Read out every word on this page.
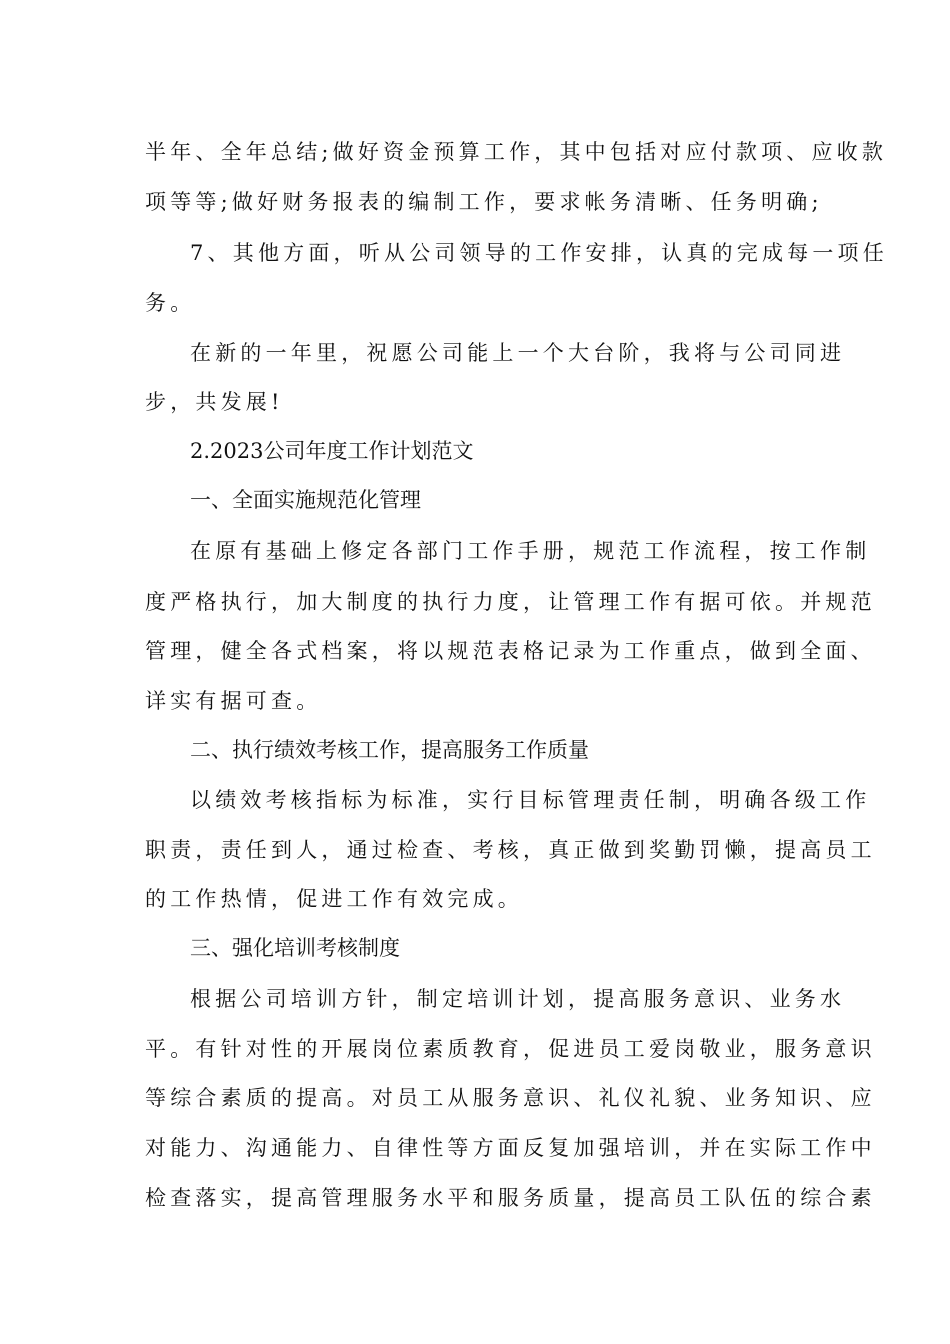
半年、全年总结;做好资金预算工作，其中包括对应付款项、应收款

项等等;做好财务报表的编制工作，要求帐务清晰、任务明确;

7、其他方面，听从公司领导的工作安排，认真的完成每一项任

务。

在新的一年里，祝愿公司能上一个大台阶，我将与公司同进

步，共发展!

2.2023公司年度工作计划范文

一、全面实施规范化管理

在原有基础上修定各部门工作手册，规范工作流程，按工作制

度严格执行，加大制度的执行力度，让管理工作有据可依。并规范

管理，健全各式档案，将以规范表格记录为工作重点，做到全面、

详实有据可查。

二、执行绩效考核工作，提高服务工作质量

以绩效考核指标为标准，实行目标管理责任制，明确各级工作

职责，责任到人，通过检查、考核，真正做到奖勤罚懒，提高员工

的工作热情，促进工作有效完成。

三、强化培训考核制度

根据公司培训方针，制定培训计划，提高服务意识、业务水

平。有针对性的开展岗位素质教育，促进员工爱岗敬业，服务意识

等综合素质的提高。对员工从服务意识、礼仪礼貌、业务知识、应

对能力、沟通能力、自律性等方面反复加强培训，并在实际工作中

检查落实，提高管理服务水平和服务质量，提高员工队伍的综合素
